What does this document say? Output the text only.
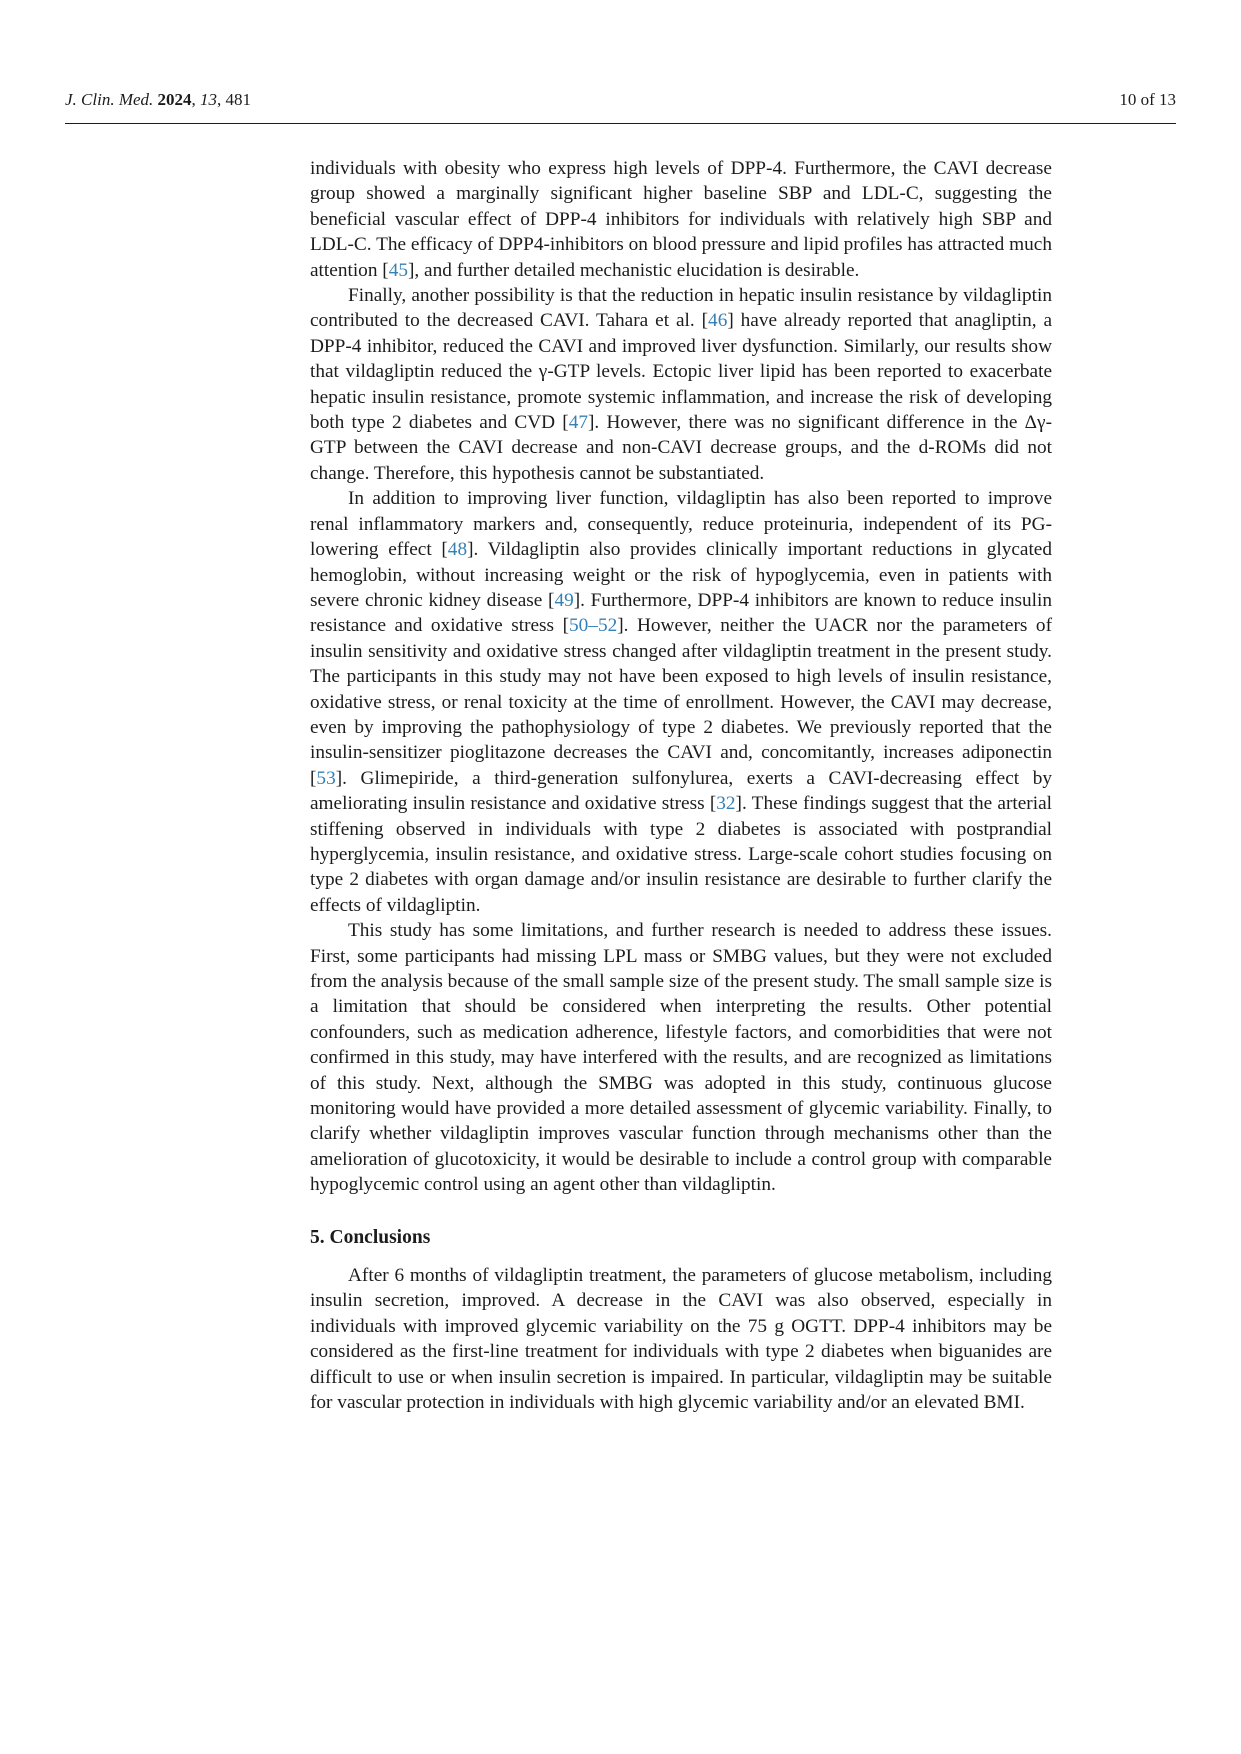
J. Clin. Med. 2024, 13, 481	10 of 13

individuals with obesity who express high levels of DPP-4. Furthermore, the CAVI decrease group showed a marginally significant higher baseline SBP and LDL-C, suggesting the beneficial vascular effect of DPP-4 inhibitors for individuals with relatively high SBP and LDL-C. The efficacy of DPP4-inhibitors on blood pressure and lipid profiles has attracted much attention [45], and further detailed mechanistic elucidation is desirable.

Finally, another possibility is that the reduction in hepatic insulin resistance by vildagliptin contributed to the decreased CAVI. Tahara et al. [46] have already reported that anagliptin, a DPP-4 inhibitor, reduced the CAVI and improved liver dysfunction. Similarly, our results show that vildagliptin reduced the γ-GTP levels. Ectopic liver lipid has been reported to exacerbate hepatic insulin resistance, promote systemic inflammation, and increase the risk of developing both type 2 diabetes and CVD [47]. However, there was no significant difference in the Δγ-GTP between the CAVI decrease and non-CAVI decrease groups, and the d-ROMs did not change. Therefore, this hypothesis cannot be substantiated.

In addition to improving liver function, vildagliptin has also been reported to improve renal inflammatory markers and, consequently, reduce proteinuria, independent of its PG-lowering effect [48]. Vildagliptin also provides clinically important reductions in glycated hemoglobin, without increasing weight or the risk of hypoglycemia, even in patients with severe chronic kidney disease [49]. Furthermore, DPP-4 inhibitors are known to reduce insulin resistance and oxidative stress [50–52]. However, neither the UACR nor the parameters of insulin sensitivity and oxidative stress changed after vildagliptin treatment in the present study. The participants in this study may not have been exposed to high levels of insulin resistance, oxidative stress, or renal toxicity at the time of enrollment. However, the CAVI may decrease, even by improving the pathophysiology of type 2 diabetes. We previously reported that the insulin-sensitizer pioglitazone decreases the CAVI and, concomitantly, increases adiponectin [53]. Glimepiride, a third-generation sulfonylurea, exerts a CAVI-decreasing effect by ameliorating insulin resistance and oxidative stress [32]. These findings suggest that the arterial stiffening observed in individuals with type 2 diabetes is associated with postprandial hyperglycemia, insulin resistance, and oxidative stress. Large-scale cohort studies focusing on type 2 diabetes with organ damage and/or insulin resistance are desirable to further clarify the effects of vildagliptin.

This study has some limitations, and further research is needed to address these issues. First, some participants had missing LPL mass or SMBG values, but they were not excluded from the analysis because of the small sample size of the present study. The small sample size is a limitation that should be considered when interpreting the results. Other potential confounders, such as medication adherence, lifestyle factors, and comorbidities that were not confirmed in this study, may have interfered with the results, and are recognized as limitations of this study. Next, although the SMBG was adopted in this study, continuous glucose monitoring would have provided a more detailed assessment of glycemic variability. Finally, to clarify whether vildagliptin improves vascular function through mechanisms other than the amelioration of glucotoxicity, it would be desirable to include a control group with comparable hypoglycemic control using an agent other than vildagliptin.

5. Conclusions

After 6 months of vildagliptin treatment, the parameters of glucose metabolism, including insulin secretion, improved. A decrease in the CAVI was also observed, especially in individuals with improved glycemic variability on the 75 g OGTT. DPP-4 inhibitors may be considered as the first-line treatment for individuals with type 2 diabetes when biguanides are difficult to use or when insulin secretion is impaired. In particular, vildagliptin may be suitable for vascular protection in individuals with high glycemic variability and/or an elevated BMI.
